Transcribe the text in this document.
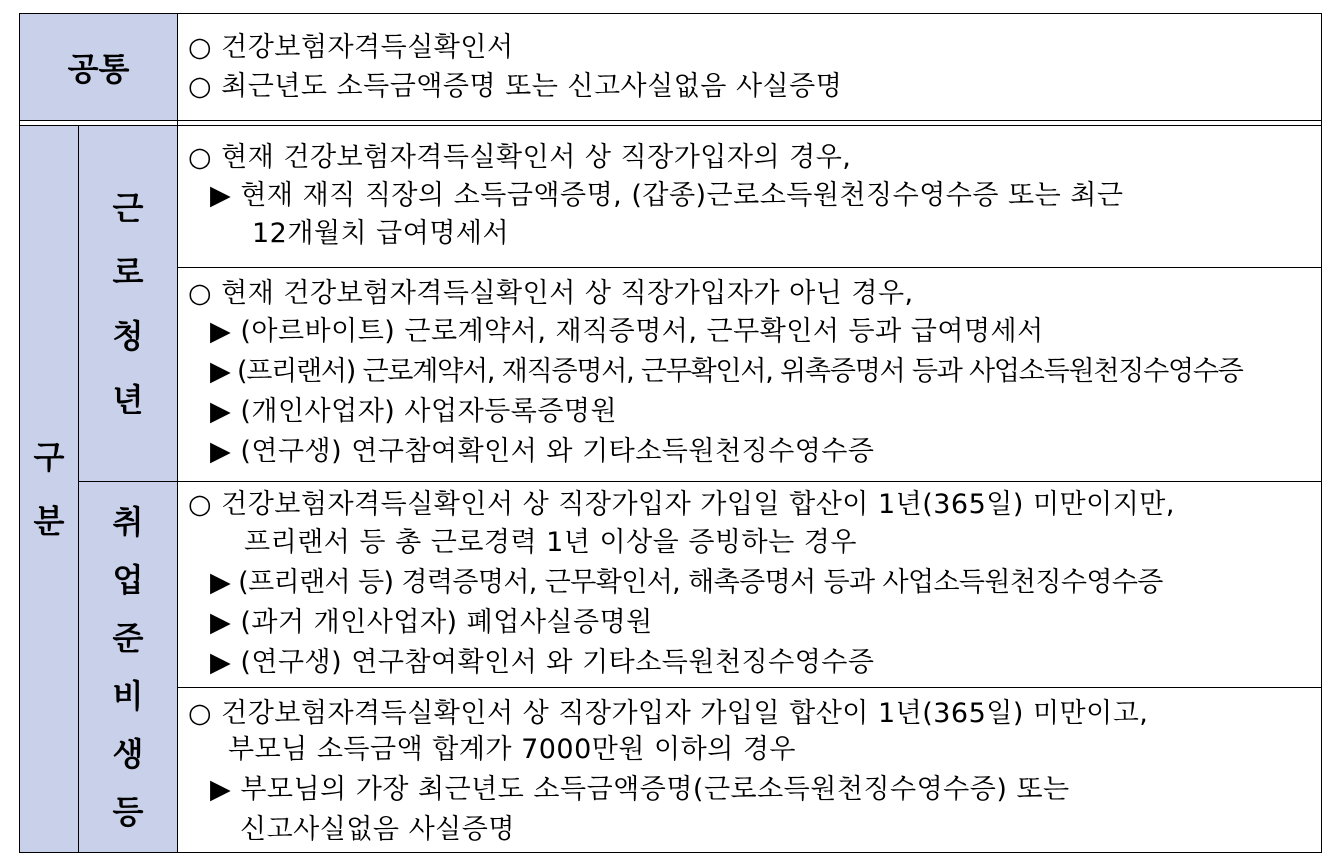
공통
구
분
근
로
청
년
취
업
준
비
생
등
○ 건강보험자격득실확인서
○ 최근년도 소득금액증명 또는 신고사실없음 사실증명
○ 현재 건강보험자격득실확인서 상 직장가입자의 경우,
▶ 현재 재직 직장의 소득금액증명, (갑종)근로소득원천징수영수증 또는 최근
12개월치 급여명세서
○ 현재 건강보험자격득실확인서 상 직장가입자가 아닌 경우,
▶ (아르바이트) 근로계약서, 재직증명서, 근무확인서 등과 급여명세서
▶ (프리랜서) 근로계약서, 재직증명서, 근무확인서, 위촉증명서 등과 사업소득원천징수영수증
▶ (개인사업자) 사업자등록증명원
▶ (연구생) 연구참여확인서 와 기타소득원천징수영수증
○ 건강보험자격득실확인서 상 직장가입자 가입일 합산이 1년(365일) 미만이지만,
프리랜서 등 총 근로경력 1년 이상을 증빙하는 경우
▶ (프리랜서 등) 경력증명서, 근무확인서, 해촉증명서 등과 사업소득원천징수영수증
▶ (과거 개인사업자) 폐업사실증명원
▶ (연구생) 연구참여확인서 와 기타소득원천징수영수증
○ 건강보험자격득실확인서 상 직장가입자 가입일 합산이 1년(365일) 미만이고,
부모님 소득금액 합계가 7000만원 이하의 경우
▶ 부모님의 가장 최근년도 소득금액증명(근로소득원천징수영수증) 또는
신고사실없음 사실증명
